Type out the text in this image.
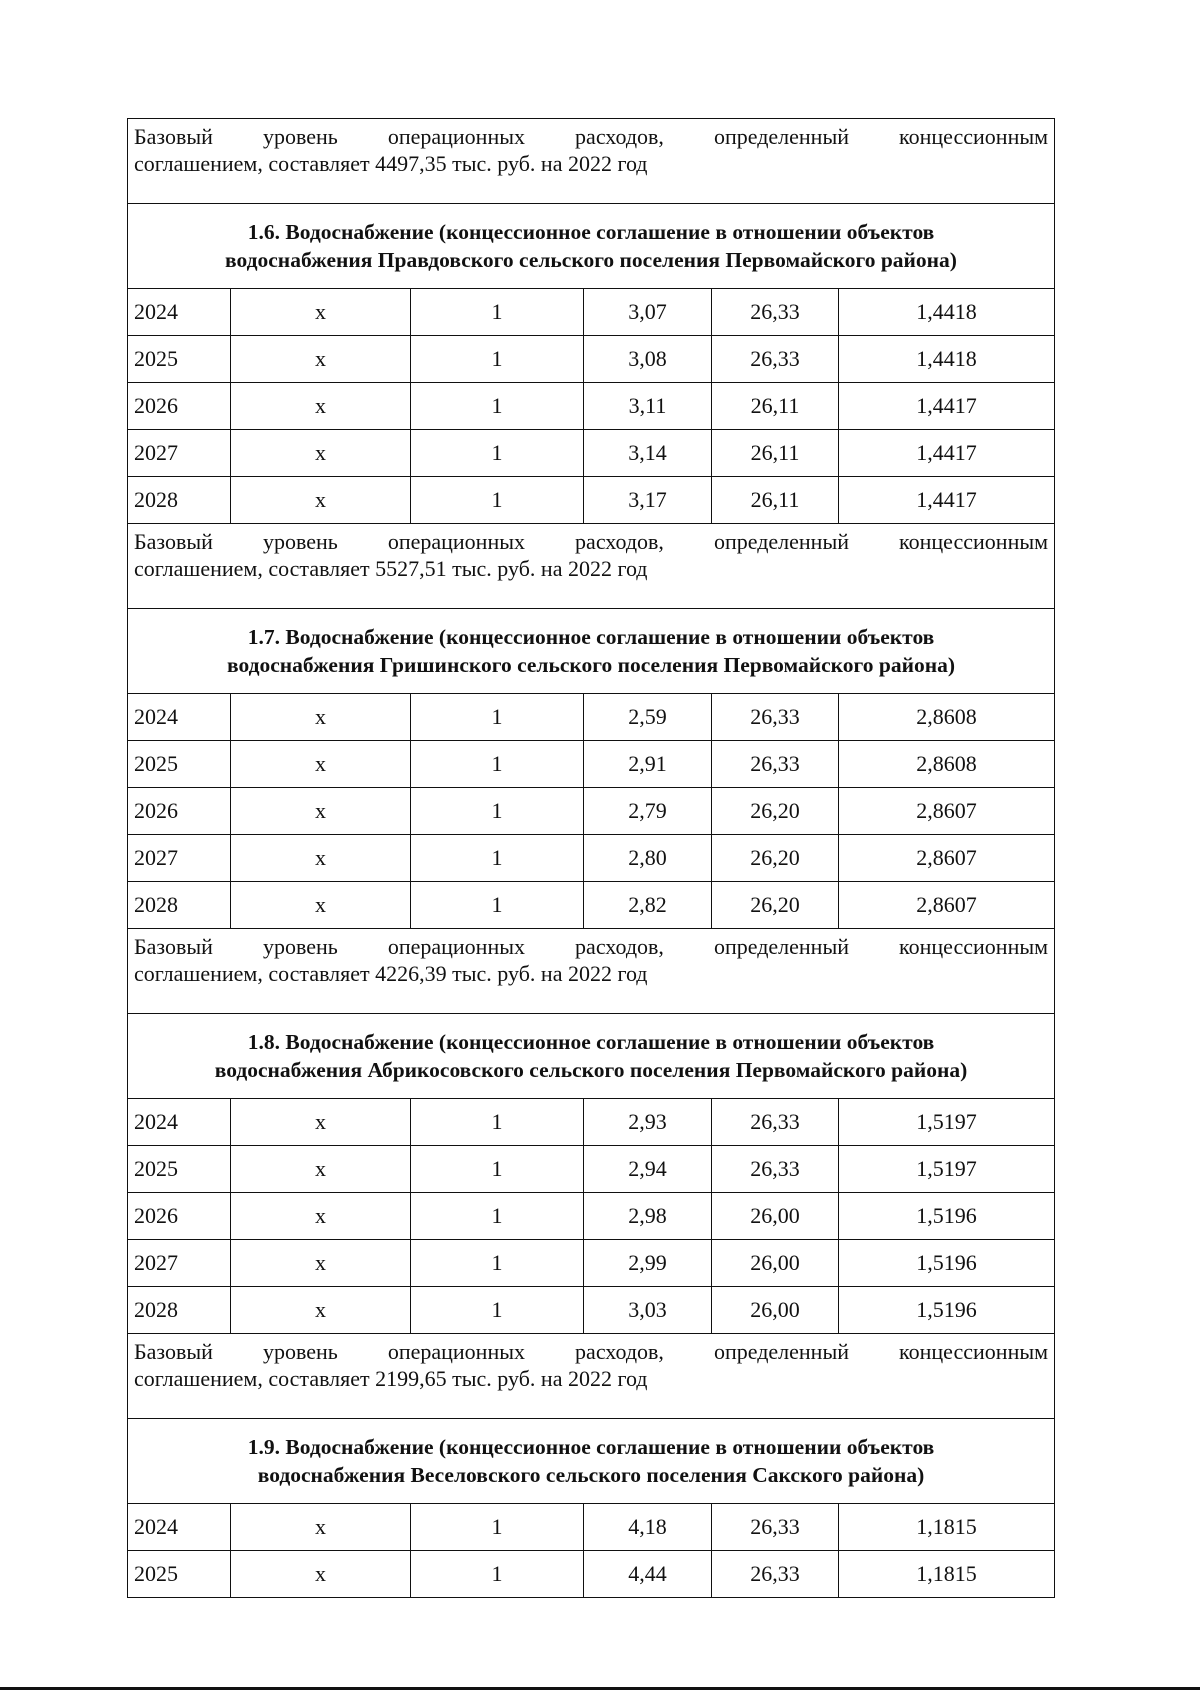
Базовый уровень операционных расходов, определенный концессионным
соглашением, составляет 4497,35 тыс. руб. на 2022 год					

1.6. Водоснабжение (концессионное соглашение в отношении объектов
водоснабжения Правдовского сельского поселения Первомайского района)					

2024	x	1	3,07	26,33	1,4418
2025	x	1	3,08	26,33	1,4418
2026	x	1	3,11	26,11	1,4417
2027	x	1	3,14	26,11	1,4417
2028	x	1	3,17	26,11	1,4417

Базовый уровень операционных расходов, определенный концессионным
соглашением, составляет 5527,51 тыс. руб. на 2022 год					

1.7. Водоснабжение (концессионное соглашение в отношении объектов
водоснабжения Гришинского сельского поселения Первомайского района)					

2024	x	1	2,59	26,33	2,8608
2025	x	1	2,91	26,33	2,8608
2026	x	1	2,79	26,20	2,8607
2027	x	1	2,80	26,20	2,8607
2028	x	1	2,82	26,20	2,8607

Базовый уровень операционных расходов, определенный концессионным
соглашением, составляет 4226,39 тыс. руб. на 2022 год					

1.8. Водоснабжение (концессионное соглашение в отношении объектов
водоснабжения Абрикосовского сельского поселения Первомайского района)					

2024	x	1	2,93	26,33	1,5197
2025	x	1	2,94	26,33	1,5197
2026	x	1	2,98	26,00	1,5196
2027	x	1	2,99	26,00	1,5196
2028	x	1	3,03	26,00	1,5196

Базовый уровень операционных расходов, определенный концессионным
соглашением, составляет 2199,65 тыс. руб. на 2022 год					

1.9. Водоснабжение (концессионное соглашение в отношении объектов
водоснабжения Веселовского сельского поселения Сакского района)					

2024	x	1	4,18	26,33	1,1815
2025	x	1	4,44	26,33	1,1815
